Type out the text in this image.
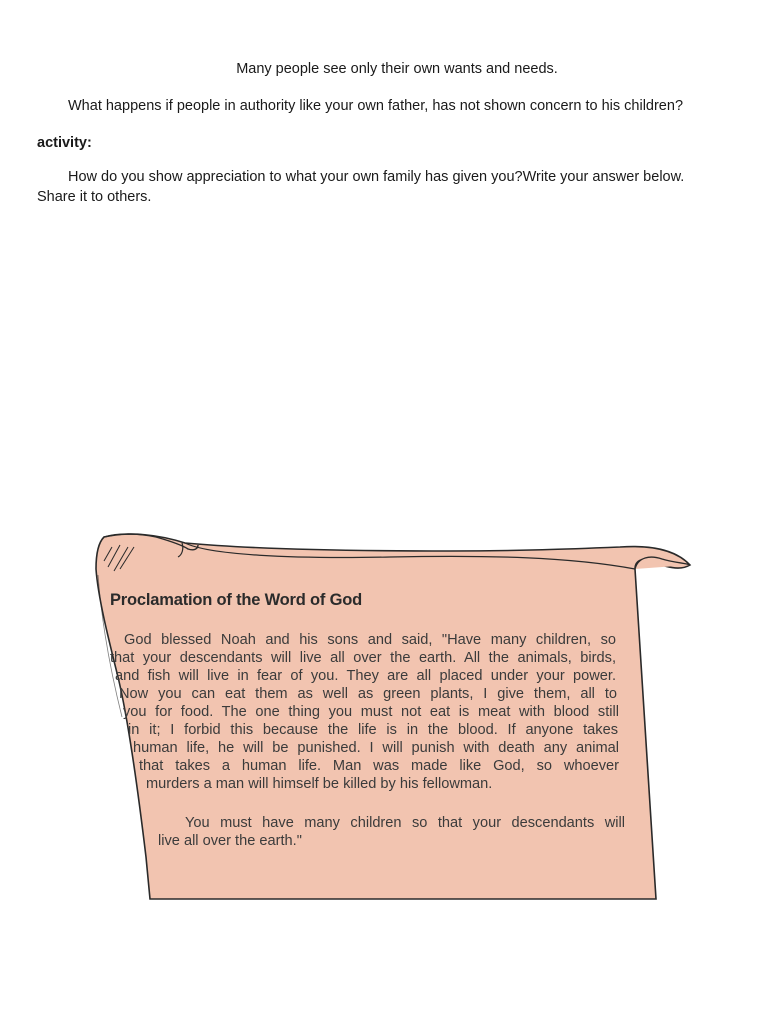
Many people see only their own wants and needs.
What happens if people in authority like your own father, has not shown concern to his children?
activity:
How do you show appreciation to what your own family has given you?Write your answer below.
Share it to others.
Proclamation of the Word of God
God blessed Noah and his sons and said, "Have many children, so
that your descendants will live all over the earth. All the animals, birds,
and fish will live in fear of you. They are all placed under your power.
Now you can eat them as well as green plants, I give them, all to
you for food. The one thing you must not eat is meat with blood still
in it; I forbid this because the life is in the blood. If anyone takes
human life, he will be punished. I will punish with death any animal
that takes a human life. Man was made like God, so whoever
murders a man will himself be killed by his fellowman.
You must have many children so that your descendants will
live all over the earth."
